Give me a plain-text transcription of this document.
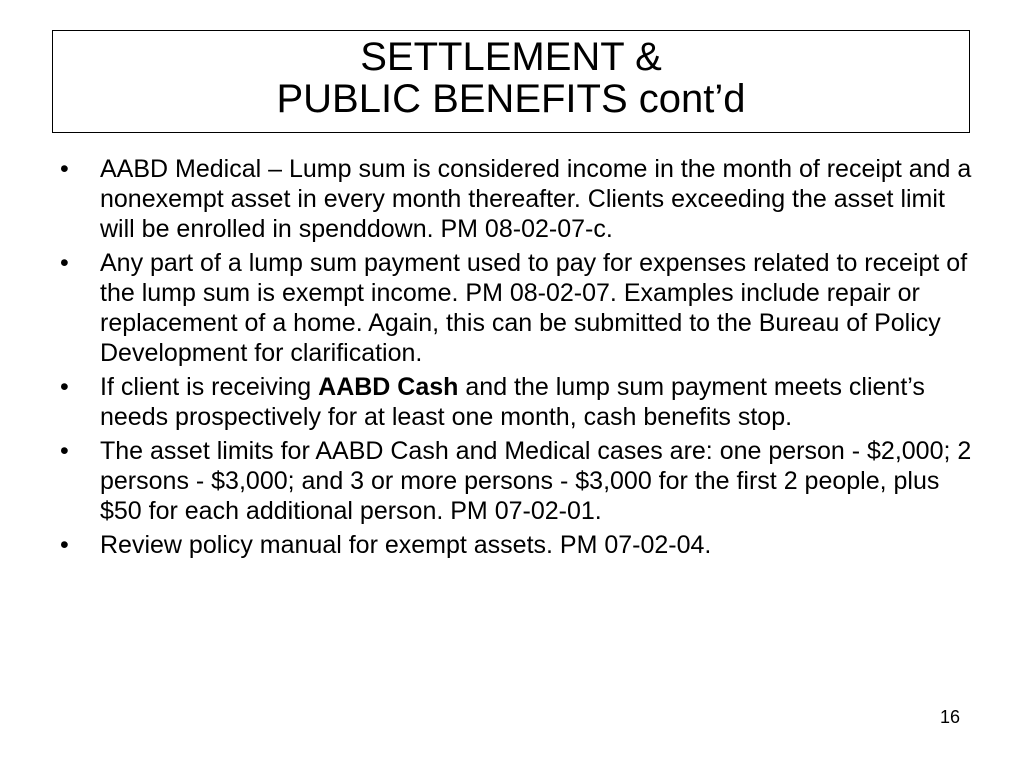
SETTLEMENT &
PUBLIC BENEFITS cont’d
• AABD Medical – Lump sum is considered income in the month of receipt and a nonexempt asset in every month thereafter. Clients exceeding the asset limit will be enrolled in spenddown. PM 08-02-07-c.
• Any part of a lump sum payment used to pay for expenses related to receipt of the lump sum is exempt income. PM 08-02-07. Examples include repair or replacement of a home. Again, this can be submitted to the Bureau of Policy Development for clarification.
• If client is receiving AABD Cash and the lump sum payment meets client’s needs prospectively for at least one month, cash benefits stop.
• The asset limits for AABD Cash and Medical cases are: one person - $2,000; 2 persons - $3,000; and 3 or more persons - $3,000 for the first 2 people, plus $50 for each additional person. PM 07-02-01.
• Review policy manual for exempt assets. PM 07-02-04.
16
